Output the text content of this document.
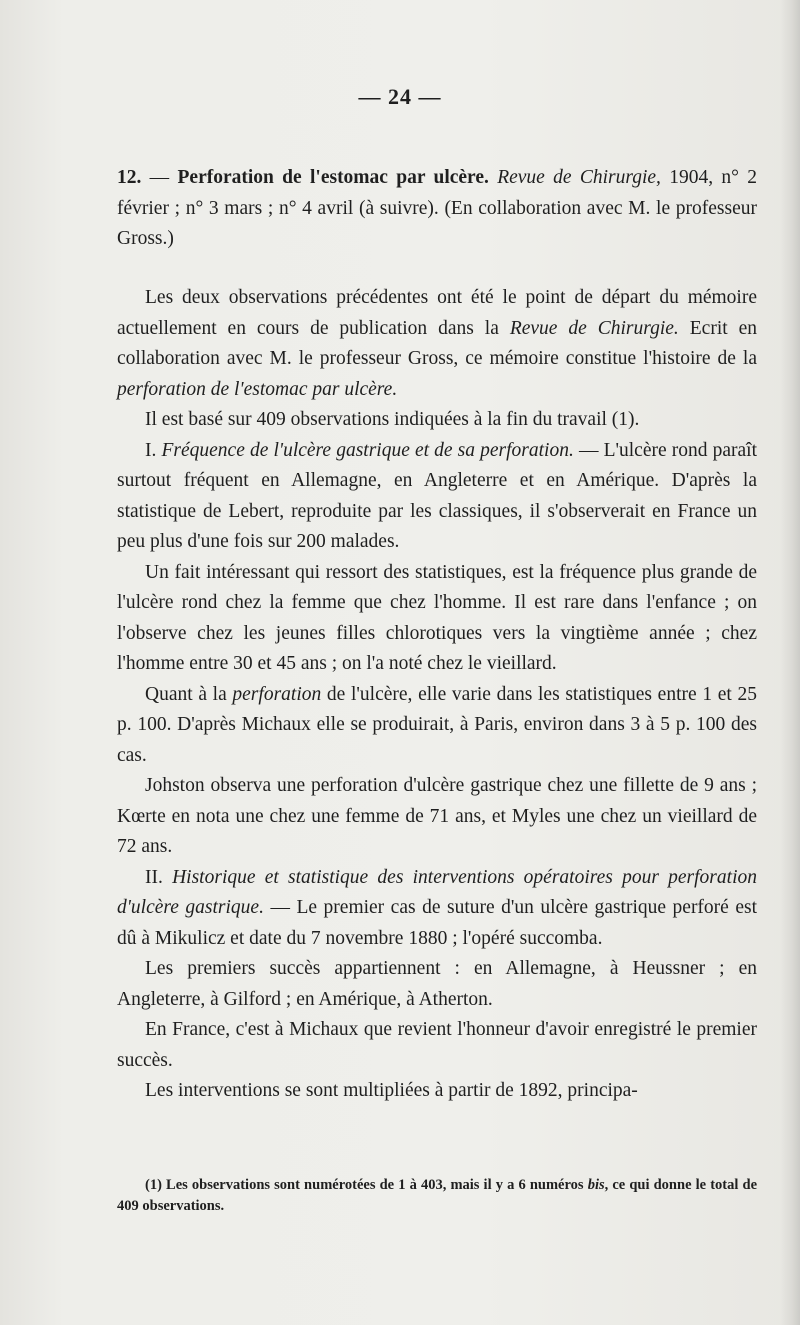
— 24 —

12. — Perforation de l'estomac par ulcère. Revue de Chirurgie, 1904, n° 2 février ; n° 3 mars ; n° 4 avril (à suivre). (En collaboration avec M. le professeur Gross.)

Les deux observations précédentes ont été le point de départ du mémoire actuellement en cours de publication dans la Revue de Chirurgie. Ecrit en collaboration avec M. le professeur Gross, ce mémoire constitue l'histoire de la perforation de l'estomac par ulcère.

Il est basé sur 409 observations indiquées à la fin du travail (1).

I. Fréquence de l'ulcère gastrique et de sa perforation. — L'ulcère rond paraît surtout fréquent en Allemagne, en Angleterre et en Amérique. D'après la statistique de Lebert, reproduite par les classiques, il s'observerait en France un peu plus d'une fois sur 200 malades.

Un fait intéressant qui ressort des statistiques, est la fréquence plus grande de l'ulcère rond chez la femme que chez l'homme. Il est rare dans l'enfance ; on l'observe chez les jeunes filles chlorotiques vers la vingtième année ; chez l'homme entre 30 et 45 ans ; on l'a noté chez le vieillard.

Quant à la perforation de l'ulcère, elle varie dans les statistiques entre 1 et 25 p. 100. D'après Michaux elle se produirait, à Paris, environ dans 3 à 5 p. 100 des cas.

Johston observa une perforation d'ulcère gastrique chez une fillette de 9 ans ; Kœrte en nota une chez une femme de 71 ans, et Myles une chez un vieillard de 72 ans.

II. Historique et statistique des interventions opératoires pour perforation d'ulcère gastrique. — Le premier cas de suture d'un ulcère gastrique perforé est dû à Mikulicz et date du 7 novembre 1880 ; l'opéré succomba.

Les premiers succès appartiennent : en Allemagne, à Heussner ; en Angleterre, à Gilford ; en Amérique, à Atherton.

En France, c'est à Michaux que revient l'honneur d'avoir enregistré le premier succès.

Les interventions se sont multipliées à partir de 1892, principa-

(1) Les observations sont numérotées de 1 à 403, mais il y a 6 numéros bis, ce qui donne le total de 409 observations.
